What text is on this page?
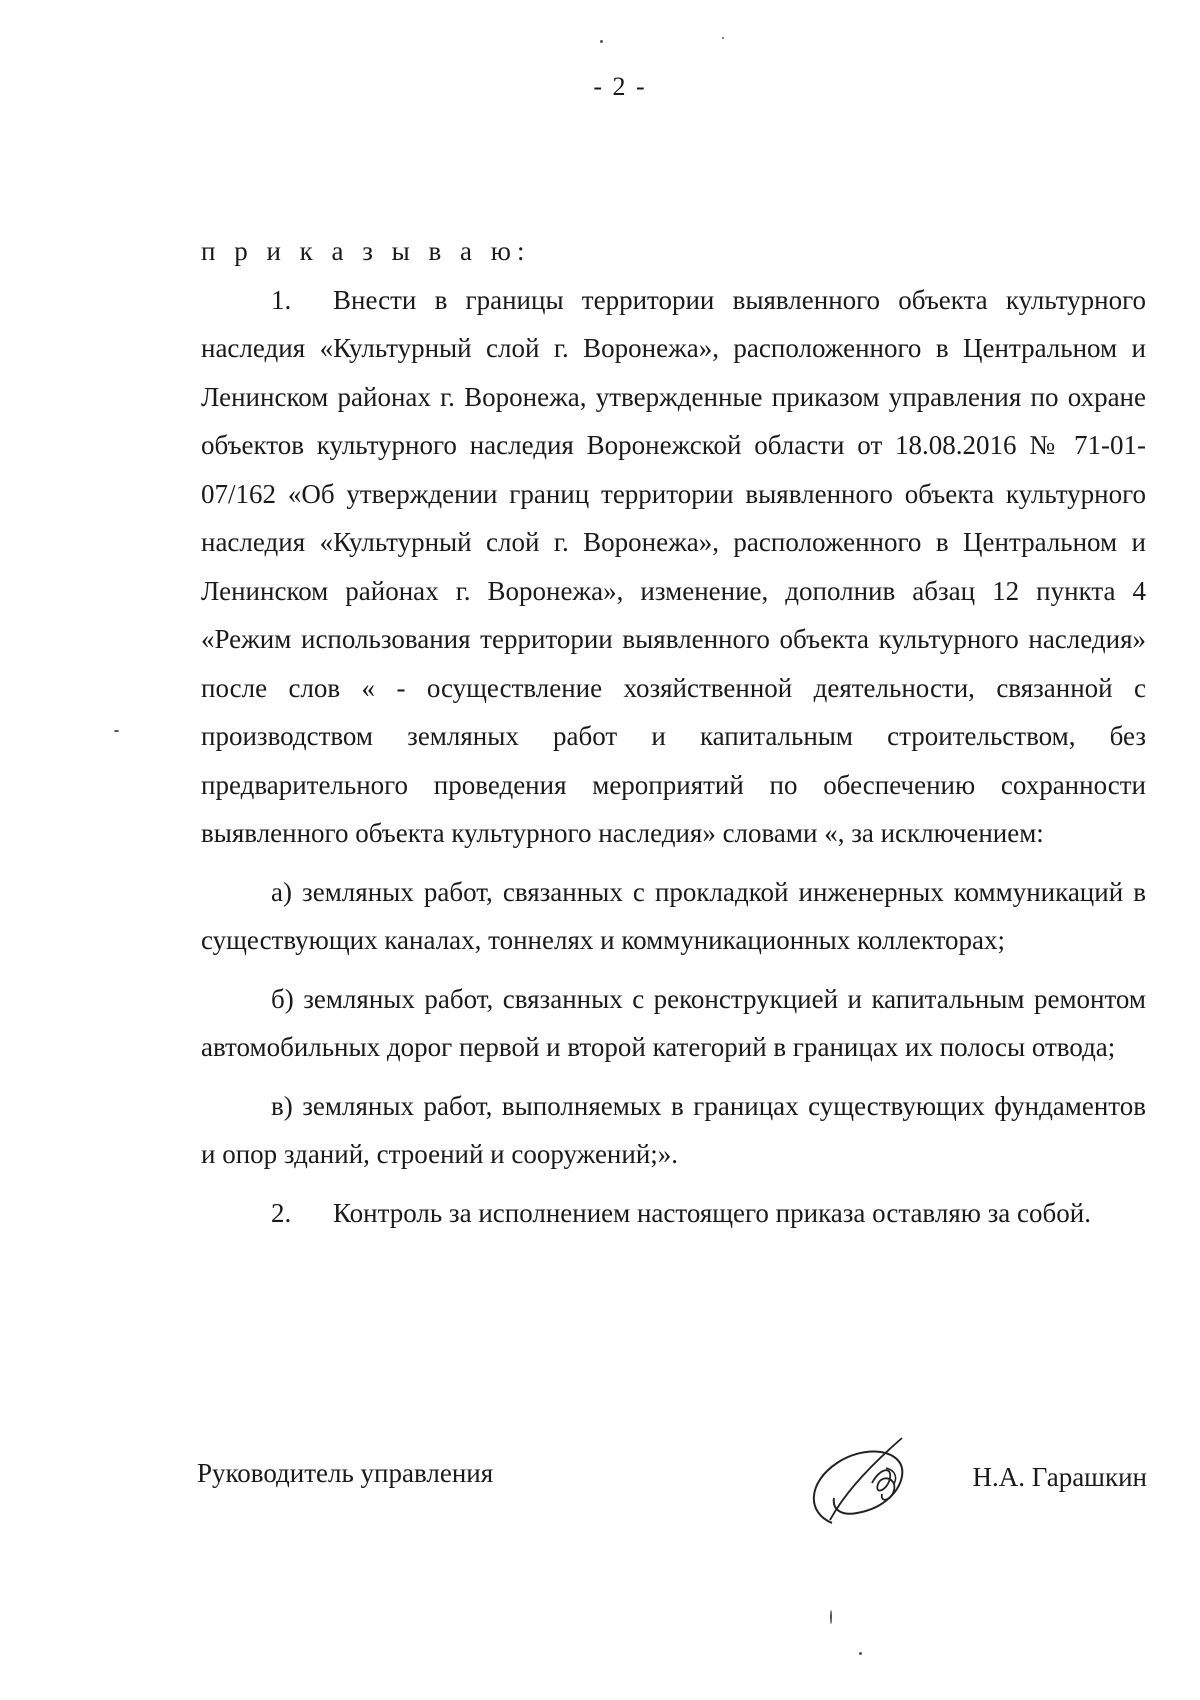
- 2 -

п р и к а з ы в а ю:

1. Внести в границы территории выявленного объекта культурного наследия «Культурный слой г. Воронежа», расположенного в Центральном и Ленинском районах г. Воронежа, утвержденные приказом управления по охране объектов культурного наследия Воронежской области от 18.08.2016 № 71-01-07/162 «Об утверждении границ территории выявленного объекта культурного наследия «Культурный слой г. Воронежа», расположенного в Центральном и Ленинском районах г. Воронежа», изменение, дополнив абзац 12 пункта 4 «Режим использования территории выявленного объекта культурного наследия» после слов « - осуществление хозяйственной деятельности, связанной с производством земляных работ и капитальным строительством, без предварительного проведения мероприятий по обеспечению сохранности выявленного объекта культурного наследия» словами «, за исключением:

а) земляных работ, связанных с прокладкой инженерных коммуникаций в существующих каналах, тоннелях и коммуникационных коллекторах;

б) земляных работ, связанных с реконструкцией и капитальным ремонтом автомобильных дорог первой и второй категорий в границах их полосы отвода;

в) земляных работ, выполняемых в границах существующих фундаментов и опор зданий, строений и сооружений;».

2. Контроль за исполнением настоящего приказа оставляю за собой.

Руководитель управления	Н.А. Гарашкин
